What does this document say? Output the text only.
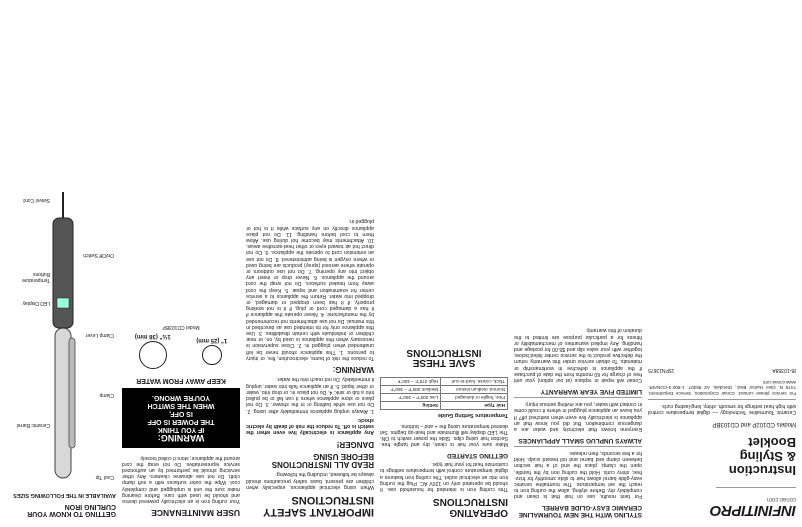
INFINITIPRO
conair.com
Instruction
& Styling
Booklet
Models CD102P and CD103BP
Ceramic Tourmaline Technology — digital temperature control with high heat settings for smooth, shiny, long-lasting curls.
For service please contact: Conair Corporation, Service Department, 7475 N. Glen Harbor Blvd., Glendale, AZ 85307. 1-800-3-CONAIR. www.conair.com
IB-10358A
15PN13675
STYLING WITH THE NEW TOURMALINE CERAMIC EASY-GLIDE BARREL
For best results, use on hair that is clean and completely dry. Before styling, allow the curling iron to reach the set temperature. The tourmaline ceramic easy-glide barrel allows hair to slide smoothly for frizz-free, shiny curls. Hold the curling iron by the handle, open the clamp, place the end of a hair section between clamp and barrel and roll toward scalp. Hold for a few seconds, then release.
ALWAYS UNPLUG SMALL APPLIANCES
Everyone knows that electricity and water are a dangerous combination. But did you know that an appliance is electrically live even when switched off? If you leave an appliance plugged in where it could come in contact with water, you are inviting serious injury.
LIMITED FIVE YEAR WARRANTY
Conair will repair or replace (at our option) your unit free of charge for 60 months from the date of purchase if the appliance is defective in workmanship or materials. To obtain service under this warranty, return the defective product to the service center listed below, together with your sales slip and $5.00 for postage and handling. Any implied warranties of merchantability or fitness for a particular purpose are limited to the duration of this warranty.
OPERATING INSTRUCTIONS
This curling iron is intended for household use. It should be operated only on 120V AC. Plug the curling iron into an electrical outlet. The curling iron features a digital temperature control with temperature settings to customize heat for your hair type.
GETTING STARTED
Make sure your hair is clean, dry and tangle free. Section hair using clips. Slide the power switch to ON. The LED display will illuminate and heat-up begins. Set desired temperature using the + and – buttons.
Temperature Setting Guide
Hair Type	Setting
Fine, fragile or damaged	Low 200°F – 300°F
Normal, medium texture	Medium 300°F – 360°F
Thick, coarse, hard-to-curl	High 370°F – 400°F
SAVE THESE INSTRUCTIONS
IMPORTANT SAFETY INSTRUCTIONS
When using electrical appliances, especially when children are present, basic safety precautions should always be followed, including the following:
READ ALL INSTRUCTIONS BEFORE USING
DANGER!
Any appliance is electrically live even when the switch is off. To reduce the risk of death by electric shock:
1. Always unplug appliance immediately after using. 2. Do not use while bathing or in the shower. 3. Do not place or store appliance where it can fall or be pulled into a tub or sink. 4. Do not place in, or drop into, water or other liquid. 5. If an appliance falls into water, unplug it immediately. Do not reach into the water.
WARNING:
To reduce the risk of burns, electrocution, fire, or injury to persons: 1. This appliance should never be left unattended when plugged in. 2. Close supervision is necessary when this appliance is used by, on, or near children or individuals with certain disabilities. 3. Use this appliance only for its intended use as described in this manual. Do not use attachments not recommended by the manufacturer. 4. Never operate this appliance if it has a damaged cord or plug, if it is not working properly, if it has been dropped or damaged, or dropped into water. Return the appliance to a service center for examination and repair. 5. Keep the cord away from heated surfaces. Do not wrap the cord around the appliance. 6. Never drop or insert any object into any opening. 7. Do not use outdoors or operate where aerosol (spray) products are being used or where oxygen is being administered. 8. Do not use an extension cord to operate the appliance. 9. Do not direct hot air toward eyes or other heat-sensitive areas. 10. Attachments may become hot during use. Allow them to cool before handling. 11. Do not place appliance directly on any surface while it is hot or plugged in.
USER MAINTENANCE
Your curling iron is an electrically powered device and should be used with care. Before cleaning make sure the unit is unplugged and completely cool. Wipe the outer surfaces with a soft damp cloth. Do not use abrasive cleaners. Any other servicing should be performed by an authorized service representative. Do not wrap the cord around the appliance; store it coiled loosely.
WARNING:
IF YOU THINK
THE POWER IS OFF
IS OFF,
WHEN THE SWITCH
YOU'RE WRONG.
KEEP AWAY FROM WATER
1" (25 mm)
1½" (38 mm)
Model CD103BP
GETTING TO KNOW YOUR CURLING IRON
AVAILABLE IN THE FOLLOWING SIZES
Cool Tip
Ceramic Barrel
Clamp
Clamp Lever
LED Display
Temperature Buttons
On/Off Switch
Swivel Cord
